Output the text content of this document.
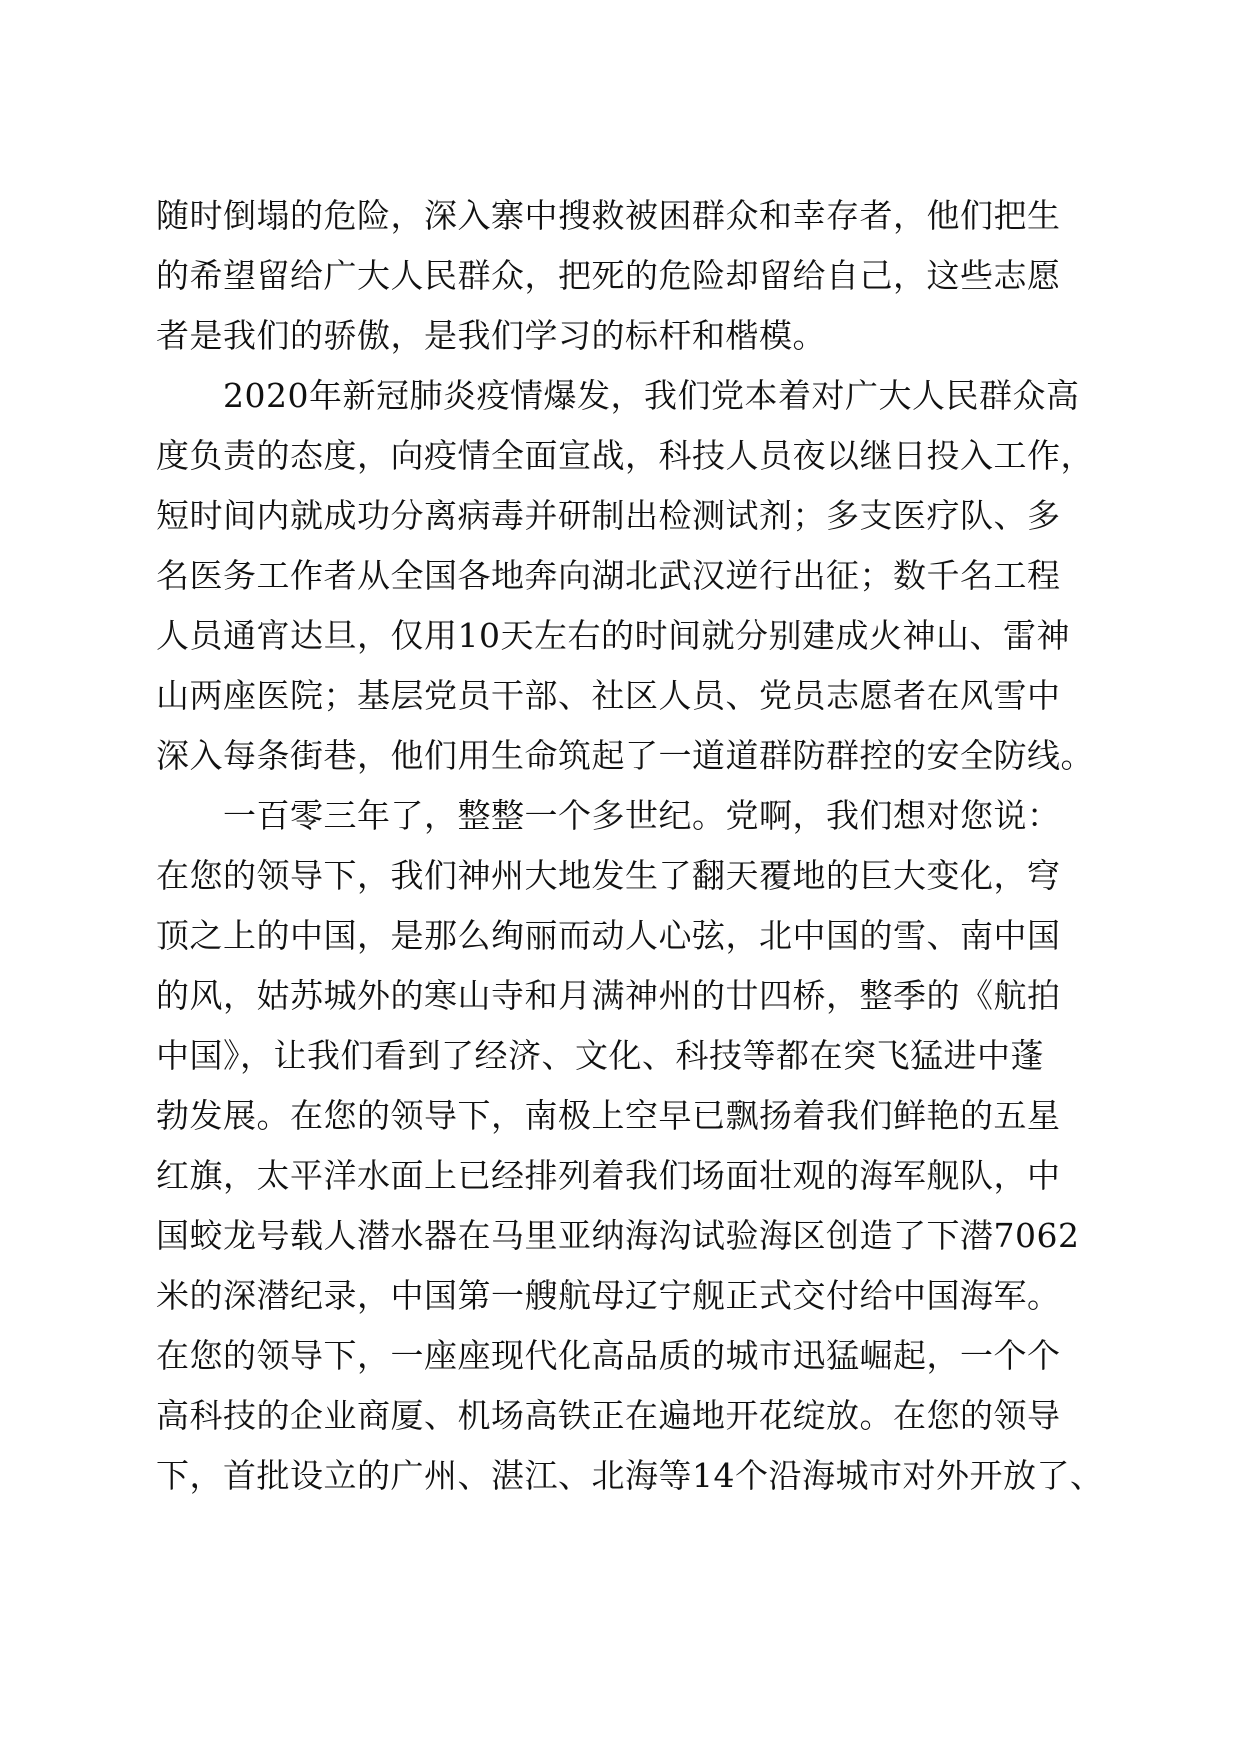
随时倒塌的危险，深入寨中搜救被困群众和幸存者，他们把生
的希望留给广大人民群众，把死的危险却留给自己，这些志愿
者是我们的骄傲，是我们学习的标杆和楷模。
　　2020年新冠肺炎疫情爆发，我们党本着对广大人民群众高
度负责的态度，向疫情全面宣战，科技人员夜以继日投入工作，
短时间内就成功分离病毒并研制出检测试剂；多支医疗队、多
名医务工作者从全国各地奔向湖北武汉逆行出征；数千名工程
人员通宵达旦，仅用10天左右的时间就分别建成火神山、雷神
山两座医院；基层党员干部、社区人员、党员志愿者在风雪中
深入每条街巷，他们用生命筑起了一道道群防群控的安全防线。
　　一百零三年了，整整一个多世纪。党啊，我们想对您说：
在您的领导下，我们神州大地发生了翻天覆地的巨大变化，穹
顶之上的中国，是那么绚丽而动人心弦，北中国的雪、南中国
的风，姑苏城外的寒山寺和月满神州的廿四桥，整季的《航拍
中国》，让我们看到了经济、文化、科技等都在突飞猛进中蓬
勃发展。在您的领导下，南极上空早已飘扬着我们鲜艳的五星
红旗，太平洋水面上已经排列着我们场面壮观的海军舰队，中
国蛟龙号载人潜水器在马里亚纳海沟试验海区创造了下潜7062
米的深潜纪录，中国第一艘航母辽宁舰正式交付给中国海军。
在您的领导下，一座座现代化高品质的城市迅猛崛起，一个个
高科技的企业商厦、机场高铁正在遍地开花绽放。在您的领导
下，首批设立的广州、湛江、北海等14个沿海城市对外开放了、
